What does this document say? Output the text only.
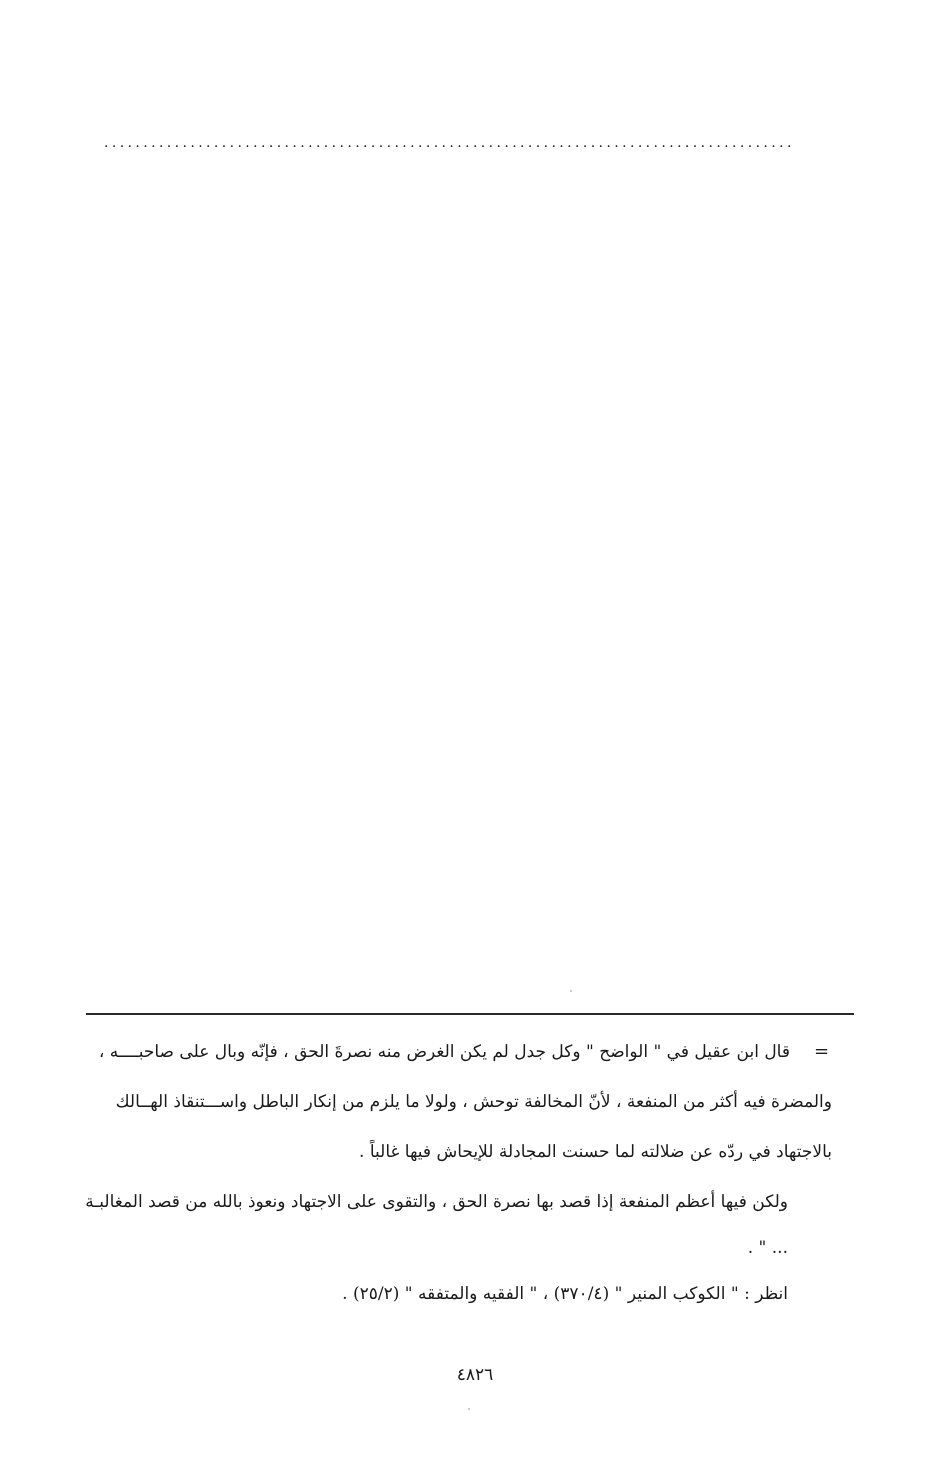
........................................................................................
=
قال ابن عقيل في " الواضح " وكل جدل لم يكن الغرض منه نصرةَ الحق ، فإنّه وبال على صاحبــــه ،
والمضرة فيه أكثر من المنفعة ، لأنّ المخالفة توحش ، ولولا ما يلزم من إنكار الباطل واســـتنقاذ الهــالك
بالاجتهاد في ردّه عن ضلالته لما حسنت المجادلة للإيحاش فيها غالباً .
ولكن فيها أعظم المنفعة إذا قصد بها نصرة الحق ، والتقوى على الاجتهاد ونعوذ بالله من قصد المغالبـة
... " .
انظر : " الكوكب المنير " (٣٧٠/٤) ، " الفقيه والمتفقه " (٢٥/٢) .
٤٨٢٦
